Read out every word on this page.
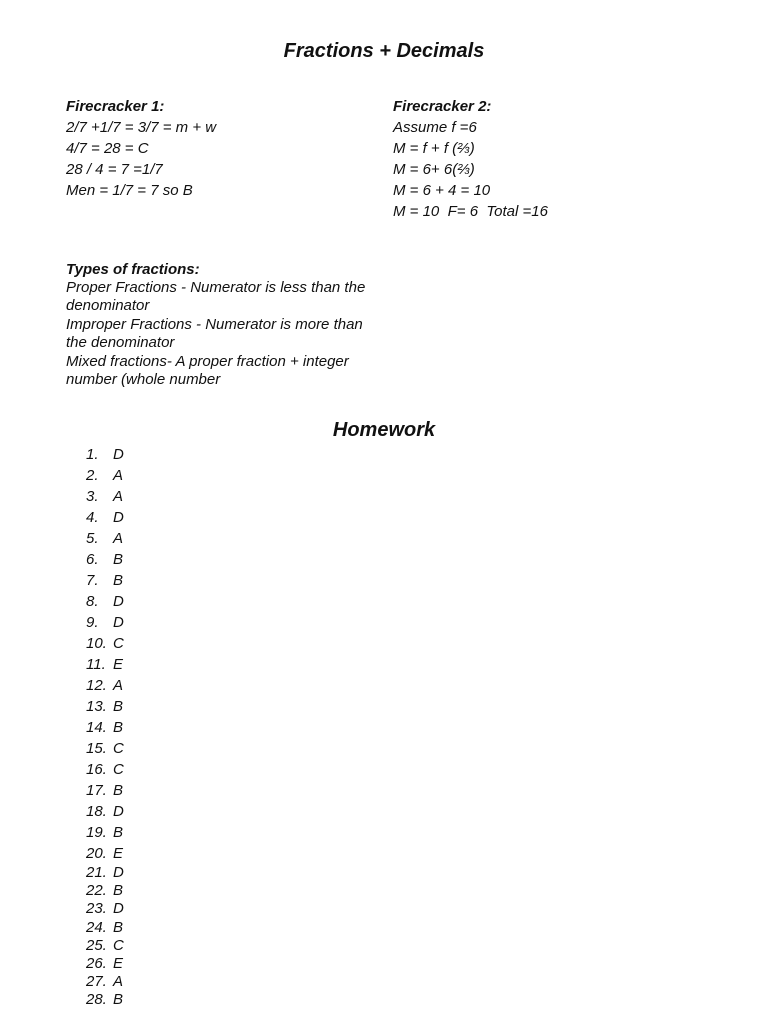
Fractions + Decimals
Firecracker 1:
2/7 +1/7 = 3/7 = m + w
4/7 = 28 = C
28 / 4 = 7 =1/7
Men = 1/7 = 7 so B
Firecracker 2:
Assume f =6
M = f + f (⅔)
M = 6+ 6(⅔)
M = 6 + 4 = 10
M = 10  F= 6  Total =16
Types of fractions:
Proper Fractions - Numerator is less than the denominator
Improper Fractions - Numerator is more than the denominator
Mixed fractions- A proper fraction + integer number (whole number
Homework
1. D
2. A
3. A
4. D
5. A
6. B
7. B
8. D
9. D
10. C
11. E
12. A
13. B
14. B
15. C
16. C
17. B
18. D
19. B
20. E
21. D
22. B
23. D
24. B
25. C
26. E
27. A
28. B
